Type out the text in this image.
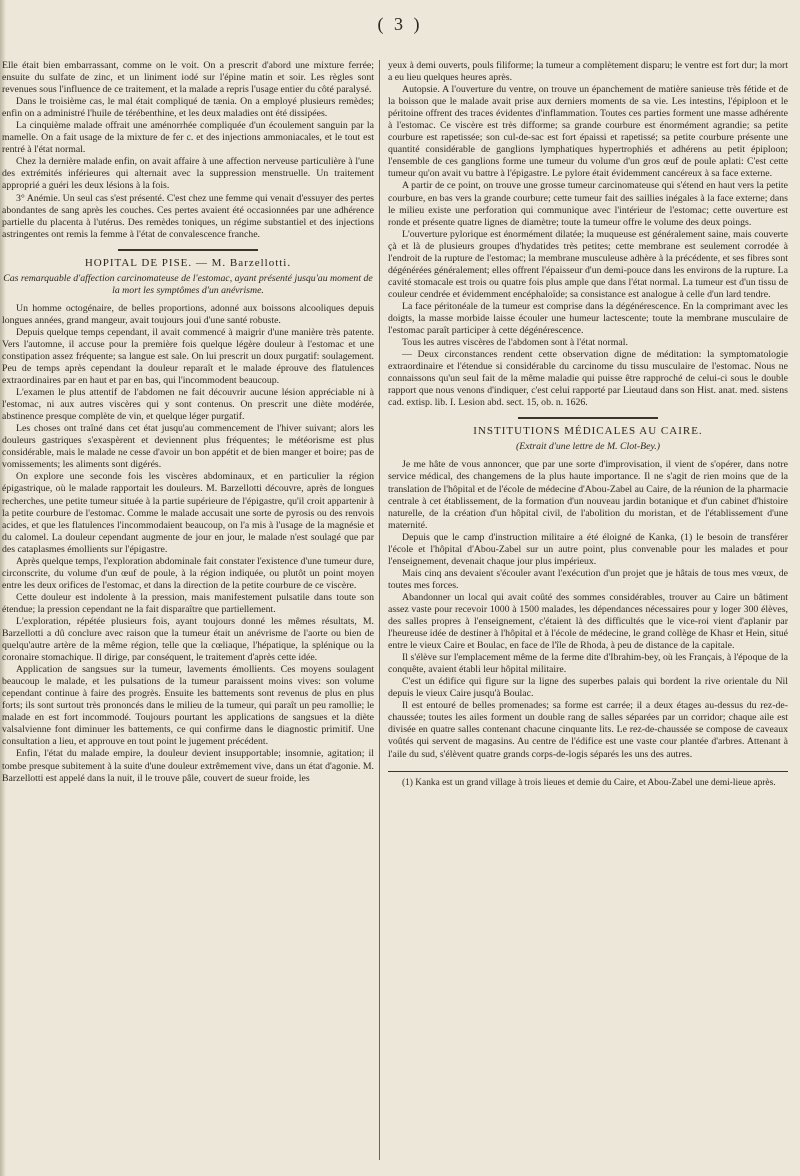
( 3 )

Elle était bien embarrassant, comme on le voit. On a prescrit d'abord une mixture ferrée; ensuite du sulfate de zinc, et un liniment iodé sur l'épine matin et soir. Les règles sont revenues sous l'influence de ce traitement, et la malade a repris l'usage entier du côté paralysé.

Dans le troisième cas, le mal était compliqué de tænia. On a employé plusieurs remèdes; enfin on a administré l'huile de térébenthine, et les deux maladies ont été dissipées.

La cinquième malade offrait une aménorrhée compliquée d'un écoulement sanguin par la mamelle. On a fait usage de la mixture de fer c. et des injections ammoniacales, et le tout est rentré à l'état normal.

Chez la dernière malade enfin, on avait affaire à une affection nerveuse particulière à l'une des extrémités inférieures qui alternait avec la suppression menstruelle. Un traitement approprié a guéri les deux lésions à la fois.

3° Anémie. Un seul cas s'est présenté. C'est chez une femme qui venait d'essuyer des pertes abondantes de sang après les couches. Ces pertes avaient été occasionnées par une adhérence partielle du placenta à l'utérus. Des remèdes toniques, un régime substantiel et des injections astringentes ont remis la femme à l'état de convalescence franche.

HOPITAL DE PISE. — M. Barzellotti.
Cas remarquable d'affection carcinomateuse de l'estomac, ayant présenté jusqu'au moment de la mort les symptômes d'un anévrisme.

Un homme octogénaire, de belles proportions, adonné aux boissons alcooliques depuis longues années, grand mangeur, avait toujours joui d'une santé robuste.

Depuis quelque temps cependant, il avait commencé à maigrir d'une manière très patente. Vers l'automne, il accuse pour la première fois quelque légère douleur à l'estomac et une constipation assez fréquente; sa langue est sale. On lui prescrit un doux purgatif: soulagement. Peu de temps après cependant la douleur reparaît et le malade éprouve des flatulences extraordinaires par en haut et par en bas, qui l'incommodent beaucoup.

L'examen le plus attentif de l'abdomen ne fait découvrir aucune lésion appréciable ni à l'estomac, ni aux autres viscères qui y sont contenus. On prescrit une diète modérée, abstinence presque complète de vin, et quelque léger purgatif.

Les choses ont traîné dans cet état jusqu'au commencement de l'hiver suivant; alors les douleurs gastriques s'exaspèrent et deviennent plus fréquentes; le météorisme est plus considérable, mais le malade ne cesse d'avoir un bon appétit et de bien manger et boire; pas de vomissements; les aliments sont digérés.

On explore une seconde fois les viscères abdominaux, et en particulier la région épigastrique, où le malade rapportait les douleurs. M. Barzellotti découvre, après de longues recherches, une petite tumeur située à la partie supérieure de l'épigastre, qu'il croit appartenir à la petite courbure de l'estomac. Comme le malade accusait une sorte de pyrosis ou des renvois acides, et que les flatulences l'incommodaient beaucoup, on l'a mis à l'usage de la magnésie et du calomel. La douleur cependant augmente de jour en jour, le malade n'est soulagé que par des cataplasmes émollients sur l'épigastre.

Après quelque temps, l'exploration abdominale fait constater l'existence d'une tumeur dure, circonscrite, du volume d'un œuf de poule, à la région indiquée, ou plutôt un point moyen entre les deux orifices de l'estomac, et dans la direction de la petite courbure de ce viscère.

Cette douleur est indolente à la pression, mais manifestement pulsatile dans toute son étendue; la pression cependant ne la fait disparaître que partiellement.

L'exploration, répétée plusieurs fois, ayant toujours donné les mêmes résultats, M. Barzellotti a dû conclure avec raison que la tumeur était un anévrisme de l'aorte ou bien de quelqu'autre artère de la même région, telle que la cœliaque, l'hépatique, la splénique ou la coronaire stomachique. Il dirige, par conséquent, le traitement d'après cette idée.

Application de sangsues sur la tumeur, lavements émollients. Ces moyens soulagent beaucoup le malade, et les pulsations de la tumeur paraissent moins vives: son volume cependant continue à faire des progrès. Ensuite les battements sont revenus de plus en plus forts; ils sont surtout très prononcés dans le milieu de la tumeur, qui paraît un peu ramollie; le malade en est fort incommodé. Toujours pourtant les applications de sangsues et la diète valsalvienne font diminuer les battements, ce qui confirme dans le diagnostic primitif. Une consultation a lieu, et approuve en tout point le jugement précédent.

Enfin, l'état du malade empire, la douleur devient insupportable; insomnie, agitation; il tombe presque subitement à la suite d'une douleur extrêmement vive, dans un état d'agonie. M. Barzellotti est appelé dans la nuit, il le trouve pâle, couvert de sueur froide, les

yeux à demi ouverts, pouls filiforme; la tumeur a complètement disparu; le ventre est fort dur; la mort a eu lieu quelques heures après.

Autopsie. A l'ouverture du ventre, on trouve un épanchement de matière sanieuse très fétide et de la boisson que le malade avait prise aux derniers moments de sa vie. Les intestins, l'épiploon et le péritoine offrent des traces évidentes d'inflammation. Toutes ces parties forment une masse adhérente à l'estomac. Ce viscère est très difforme; sa grande courbure est énormément agrandie; sa petite courbure est rapetissée; son cul-de-sac est fort épaissi et rapetissé; sa petite courbure présente une quantité considérable de ganglions lymphatiques hypertrophiés et adhérens au petit épiploon; l'ensemble de ces ganglions forme une tumeur du volume d'un gros œuf de poule aplati: C'est cette tumeur qu'on avait vu battre à l'épigastre. Le pylore était évidemment cancéreux à sa face externe.

A partir de ce point, on trouve une grosse tumeur carcinomateuse qui s'étend en haut vers la petite courbure, en bas vers la grande courbure; cette tumeur fait des saillies inégales à la face externe; dans le milieu existe une perforation qui communique avec l'intérieur de l'estomac; cette ouverture est ronde et présente quatre lignes de diamètre; toute la tumeur offre le volume des deux poings.

L'ouverture pylorique est énormément dilatée; la muqueuse est généralement saine, mais couverte çà et là de plusieurs groupes d'hydatides très petites; cette membrane est seulement corrodée à l'endroit de la rupture de l'estomac; la membrane musculeuse adhère à la précédente, et ses fibres sont dégénérées généralement; elles offrent l'épaisseur d'un demi-pouce dans les environs de la rupture. La cavité stomacale est trois ou quatre fois plus ample que dans l'état normal. La tumeur est d'un tissu de couleur cendrée et évidemment encéphaloïde; sa consistance est analogue à celle d'un lard tendre.

La face péritonéale de la tumeur est comprise dans la dégénérescence. En la comprimant avec les doigts, la masse morbide laisse écouler une humeur lactescente; toute la membrane musculaire de l'estomac paraît participer à cette dégénérescence.

Tous les autres viscères de l'abdomen sont à l'état normal.

— Deux circonstances rendent cette observation digne de méditation: la symptomatologie extraordinaire et l'étendue si considérable du carcinome du tissu musculaire de l'estomac. Nous ne connaissons qu'un seul fait de la même maladie qui puisse être rapproché de celui-ci sous le double rapport que nous venons d'indiquer, c'est celui rapporté par Lieutaud dans son Hist. anat. med. sistens cad. extisp. lib. I. Lesion abd. sect. 15, ob. n. 1626.

INSTITUTIONS MÉDICALES AU CAIRE.
(Extrait d'une lettre de M. Clot-Bey.)

Je me hâte de vous annoncer, que par une sorte d'improvisation, il vient de s'opérer, dans notre service médical, des changemens de la plus haute importance. Il ne s'agit de rien moins que de la translation de l'hôpital et de l'école de médecine d'Abou-Zabel au Caire, de la réunion de la pharmacie centrale à cet établissement, de la formation d'un nouveau jardin botanique et d'un cabinet d'histoire naturelle, de la création d'un hôpital civil, de l'abolition du moristan, et de l'établissement d'une maternité.

Depuis que le camp d'instruction militaire a été éloigné de Kanka, (1) le besoin de transférer l'école et l'hôpital d'Abou-Zabel sur un autre point, plus convenable pour les malades et pour l'enseignement, devenait chaque jour plus impérieux.

Mais cinq ans devaient s'écouler avant l'exécution d'un projet que je hâtais de tous mes vœux, de toutes mes forces.

Abandonner un local qui avait coûté des sommes considérables, trouver au Caire un bâtiment assez vaste pour recevoir 1000 à 1500 malades, les dépendances nécessaires pour y loger 300 élèves, des salles propres à l'enseignement, c'étaient là des difficultés que le vice-roi vient d'aplanir par l'heureuse idée de destiner à l'hôpital et à l'école de médecine, le grand collège de Khasr et Hein, situé entre le vieux Caire et Boulac, en face de l'île de Rhoda, à peu de distance de la capitale.

Il s'élève sur l'emplacement même de la ferme dite d'Ibrahim-bey, où les Français, à l'époque de la conquête, avaient établi leur hôpital militaire.

C'est un édifice qui figure sur la ligne des superbes palais qui bordent la rive orientale du Nil depuis le vieux Caire jusqu'à Boulac.

Il est entouré de belles promenades; sa forme est carrée; il a deux étages au-dessus du rez-de-chaussée; toutes les ailes forment un double rang de salles séparées par un corridor; chaque aile est divisée en quatre salles contenant chacune cinquante lits. Le rez-de-chaussée se compose de caveaux voûtés qui servent de magasins. Au centre de l'édifice est une vaste cour plantée d'arbres. Attenant à l'aile du sud, s'élèvent quatre grands corps-de-logis séparés les uns des autres.

(1) Kanka est un grand village à trois lieues et demie du Caire, et Abou-Zabel une demi-lieue après.
